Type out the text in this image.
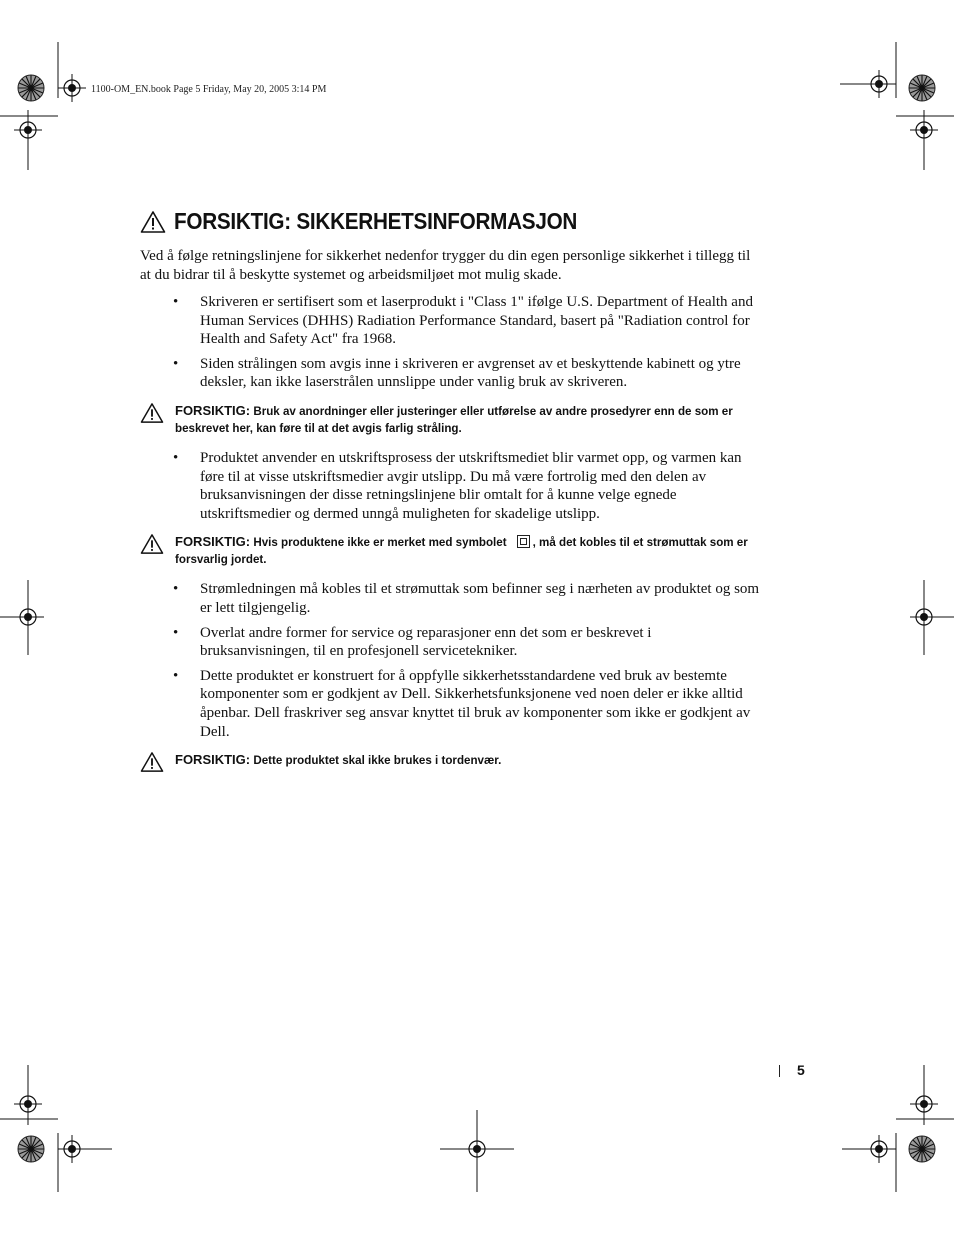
1100-OM_EN.book Page 5 Friday, May 20, 2005 3:14 PM
FORSIKTIG: SIKKERHETSINFORMASJON

Ved å følge retningslinjene for sikkerhet nedenfor trygger du din egen personlige sikkerhet i tillegg til at du bidrar til å beskytte systemet og arbeidsmiljøet mot mulig skade.

• Skriveren er sertifisert som et laserprodukt i "Class 1" ifølge U.S. Department of Health and Human Services (DHHS) Radiation Performance Standard, basert på "Radiation control for Health and Safety Act" fra 1968.
• Siden strålingen som avgis inne i skriveren er avgrenset av et beskyttende kabinett og ytre deksler, kan ikke laserstrålen unnslippe under vanlig bruk av skriveren.
FORSIKTIG: Bruk av anordninger eller justeringer eller utførelse av andre prosedyrer enn de som er beskrevet her, kan føre til at det avgis farlig stråling.
• Produktet anvender en utskriftsprosess der utskriftsmediet blir varmet opp, og varmen kan føre til at visse utskriftsmedier avgir utslipp. Du må være fortrolig med den delen av bruksanvisningen der disse retningslinjene blir omtalt for å kunne velge egnede utskriftsmedier og dermed unngå muligheten for skadelige utslipp.
FORSIKTIG: Hvis produktene ikke er merket med symbolet , må det kobles til et strømuttak som er forsvarlig jordet.
• Strømledningen må kobles til et strømuttak som befinner seg i nærheten av produktet og som er lett tilgjengelig.
• Overlat andre former for service og reparasjoner enn det som er beskrevet i bruksanvisningen, til en profesjonell servicetekniker.
• Dette produktet er konstruert for å oppfylle sikkerhetsstandardene ved bruk av bestemte komponenter som er godkjent av Dell. Sikkerhetsfunksjonene ved noen deler er ikke alltid åpenbar. Dell fraskriver seg ansvar knyttet til bruk av komponenter som ikke er godkjent av Dell.
FORSIKTIG: Dette produktet skal ikke brukes i tordenvær.
5
